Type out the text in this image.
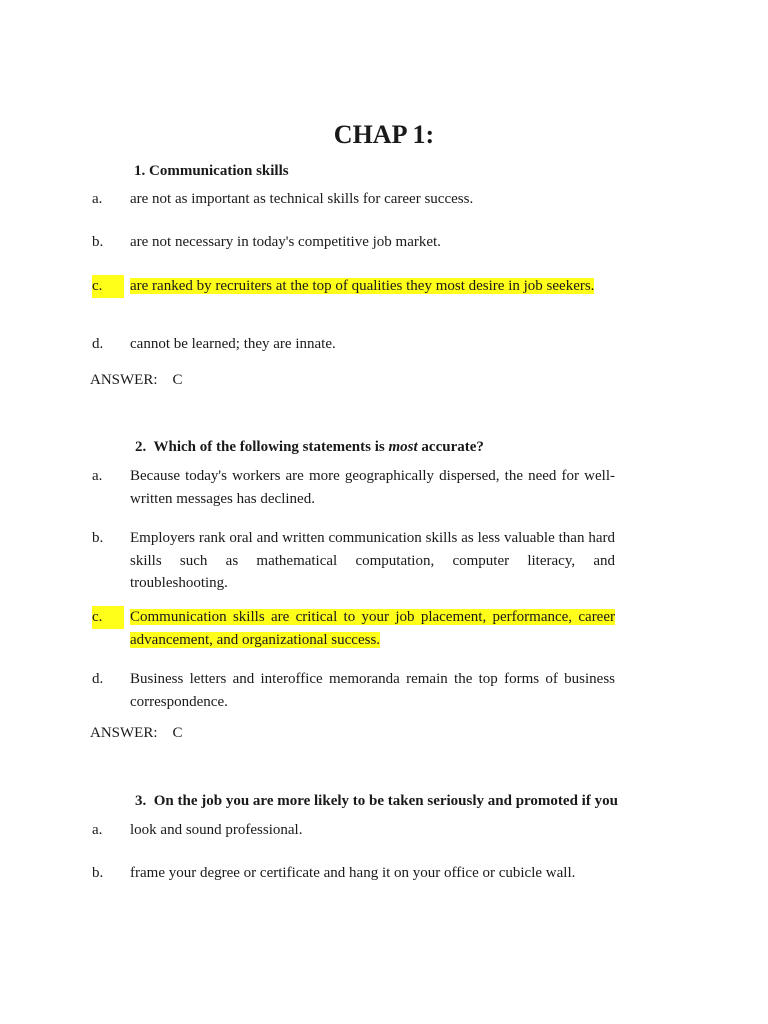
CHAP 1:
1. Communication skills
a.	are not as important as technical skills for career success.
b.	are not necessary in today's competitive job market.
c.	are ranked by recruiters at the top of qualities they most desire in job seekers.
d.	cannot be learned; they are innate.
ANSWER: C
2. Which of the following statements is most accurate?
a.	Because today's workers are more geographically dispersed, the need for well-written messages has declined.
b.	Employers rank oral and written communication skills as less valuable than hard skills such as mathematical computation, computer literacy, and troubleshooting.
c.	Communication skills are critical to your job placement, performance, career advancement, and organizational success.
d.	Business letters and interoffice memoranda remain the top forms of business correspondence.
ANSWER: C
3. On the job you are more likely to be taken seriously and promoted if you
a.	look and sound professional.
b.	frame your degree or certificate and hang it on your office or cubicle wall.
